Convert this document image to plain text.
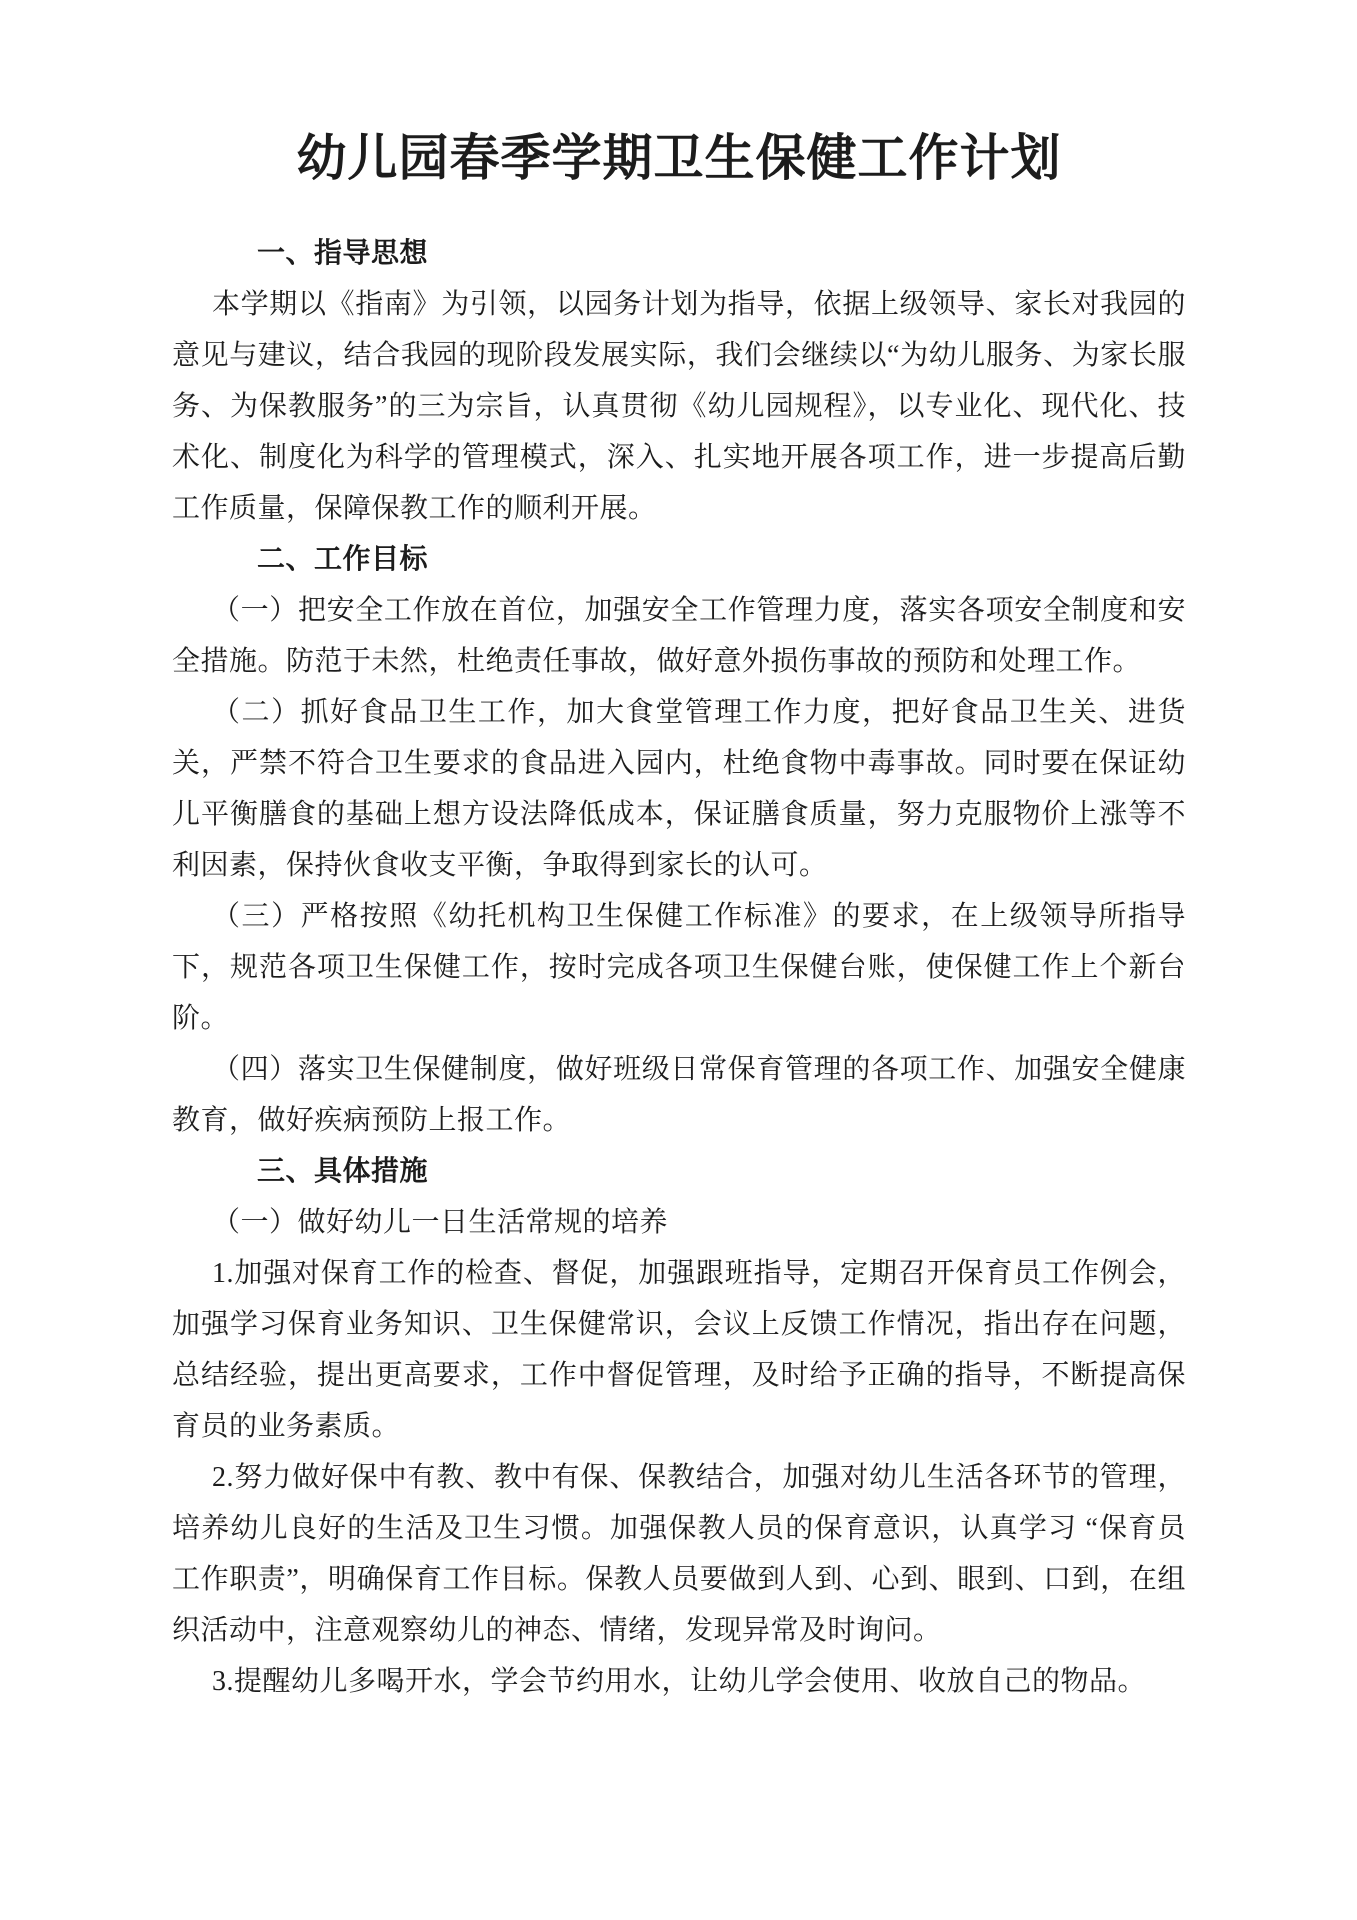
幼儿园春季学期卫生保健工作计划
一、指导思想

本学期以《指南》为引领，以园务计划为指导，依据上级领导、家长对我园的意见与建议，结合我园的现阶段发展实际，我们会继续以“为幼儿服务、为家长服务、为保教服务”的三为宗旨，认真贯彻《幼儿园规程》，以专业化、现代化、技术化、制度化为科学的管理模式，深入、扎实地开展各项工作，进一步提高后勤工作质量，保障保教工作的顺利开展。

二、工作目标

（一）把安全工作放在首位，加强安全工作管理力度，落实各项安全制度和安全措施。防范于未然，杜绝责任事故，做好意外损伤事故的预防和处理工作。

（二）抓好食品卫生工作，加大食堂管理工作力度，把好食品卫生关、进货关，严禁不符合卫生要求的食品进入园内，杜绝食物中毒事故。同时要在保证幼儿平衡膳食的基础上想方设法降低成本，保证膳食质量，努力克服物价上涨等不利因素，保持伙食收支平衡，争取得到家长的认可。

（三）严格按照《幼托机构卫生保健工作标准》的要求，在上级领导所指导下，规范各项卫生保健工作，按时完成各项卫生保健台账，使保健工作上个新台阶。

（四）落实卫生保健制度，做好班级日常保育管理的各项工作、加强安全健康教育，做好疾病预防上报工作。

三、具体措施

（一）做好幼儿一日生活常规的培养

1.加强对保育工作的检查、督促，加强跟班指导，定期召开保育员工作例会，加强学习保育业务知识、卫生保健常识，会议上反馈工作情况，指出存在问题，总结经验，提出更高要求，工作中督促管理，及时给予正确的指导，不断提高保育员的业务素质。

2.努力做好保中有教、教中有保、保教结合，加强对幼儿生活各环节的管理，培养幼儿良好的生活及卫生习惯。加强保教人员的保育意识，认真学习 “保育员工作职责”，明确保育工作目标。保教人员要做到人到、心到、眼到、口到，在组织活动中，注意观察幼儿的神态、情绪，发现异常及时询问。

3.提醒幼儿多喝开水，学会节约用水，让幼儿学会使用、收放自己的物品。
